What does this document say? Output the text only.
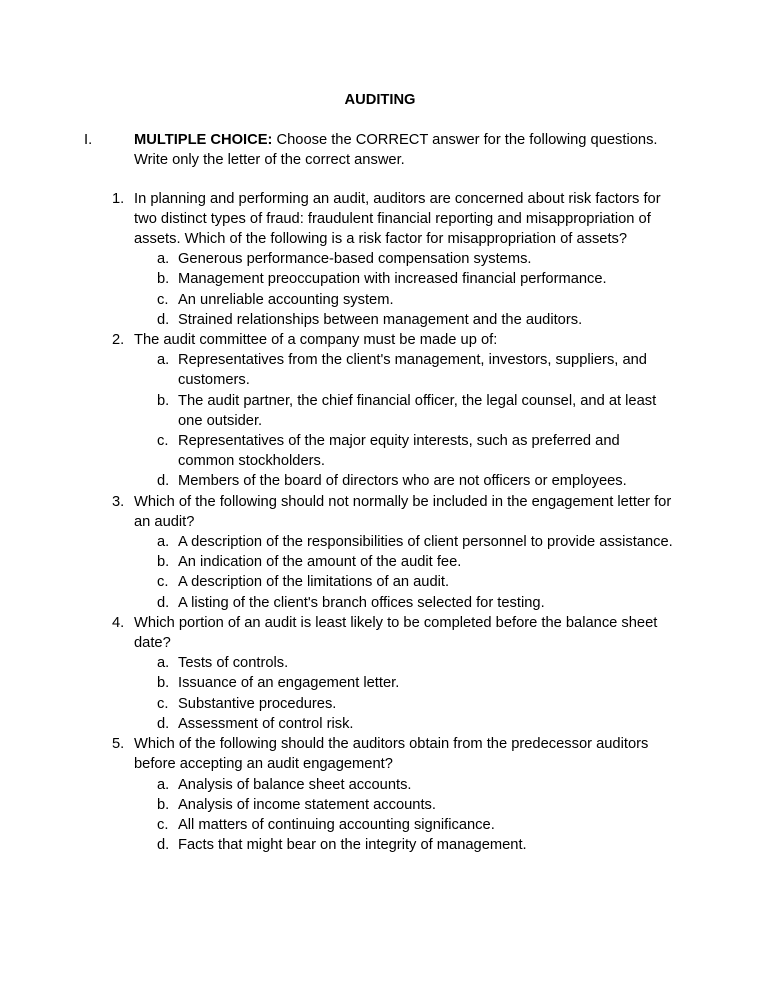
AUDITING
I.	MULTIPLE CHOICE: Choose the CORRECT answer for the following questions. Write only the letter of the correct answer.
1. In planning and performing an audit, auditors are concerned about risk factors for two distinct types of fraud: fraudulent financial reporting and misappropriation of assets. Which of the following is a risk factor for misappropriation of assets?
a. Generous performance-based compensation systems.
b. Management preoccupation with increased financial performance.
c. An unreliable accounting system.
d. Strained relationships between management and the auditors.
2. The audit committee of a company must be made up of:
a. Representatives from the client's management, investors, suppliers, and customers.
b. The audit partner, the chief financial officer, the legal counsel, and at least one outsider.
c. Representatives of the major equity interests, such as preferred and common stockholders.
d. Members of the board of directors who are not officers or employees.
3. Which of the following should not normally be included in the engagement letter for an audit?
a. A description of the responsibilities of client personnel to provide assistance.
b. An indication of the amount of the audit fee.
c. A description of the limitations of an audit.
d. A listing of the client's branch offices selected for testing.
4. Which portion of an audit is least likely to be completed before the balance sheet date?
a. Tests of controls.
b. Issuance of an engagement letter.
c. Substantive procedures.
d. Assessment of control risk.
5. Which of the following should the auditors obtain from the predecessor auditors before accepting an audit engagement?
a. Analysis of balance sheet accounts.
b. Analysis of income statement accounts.
c. All matters of continuing accounting significance.
d. Facts that might bear on the integrity of management.
